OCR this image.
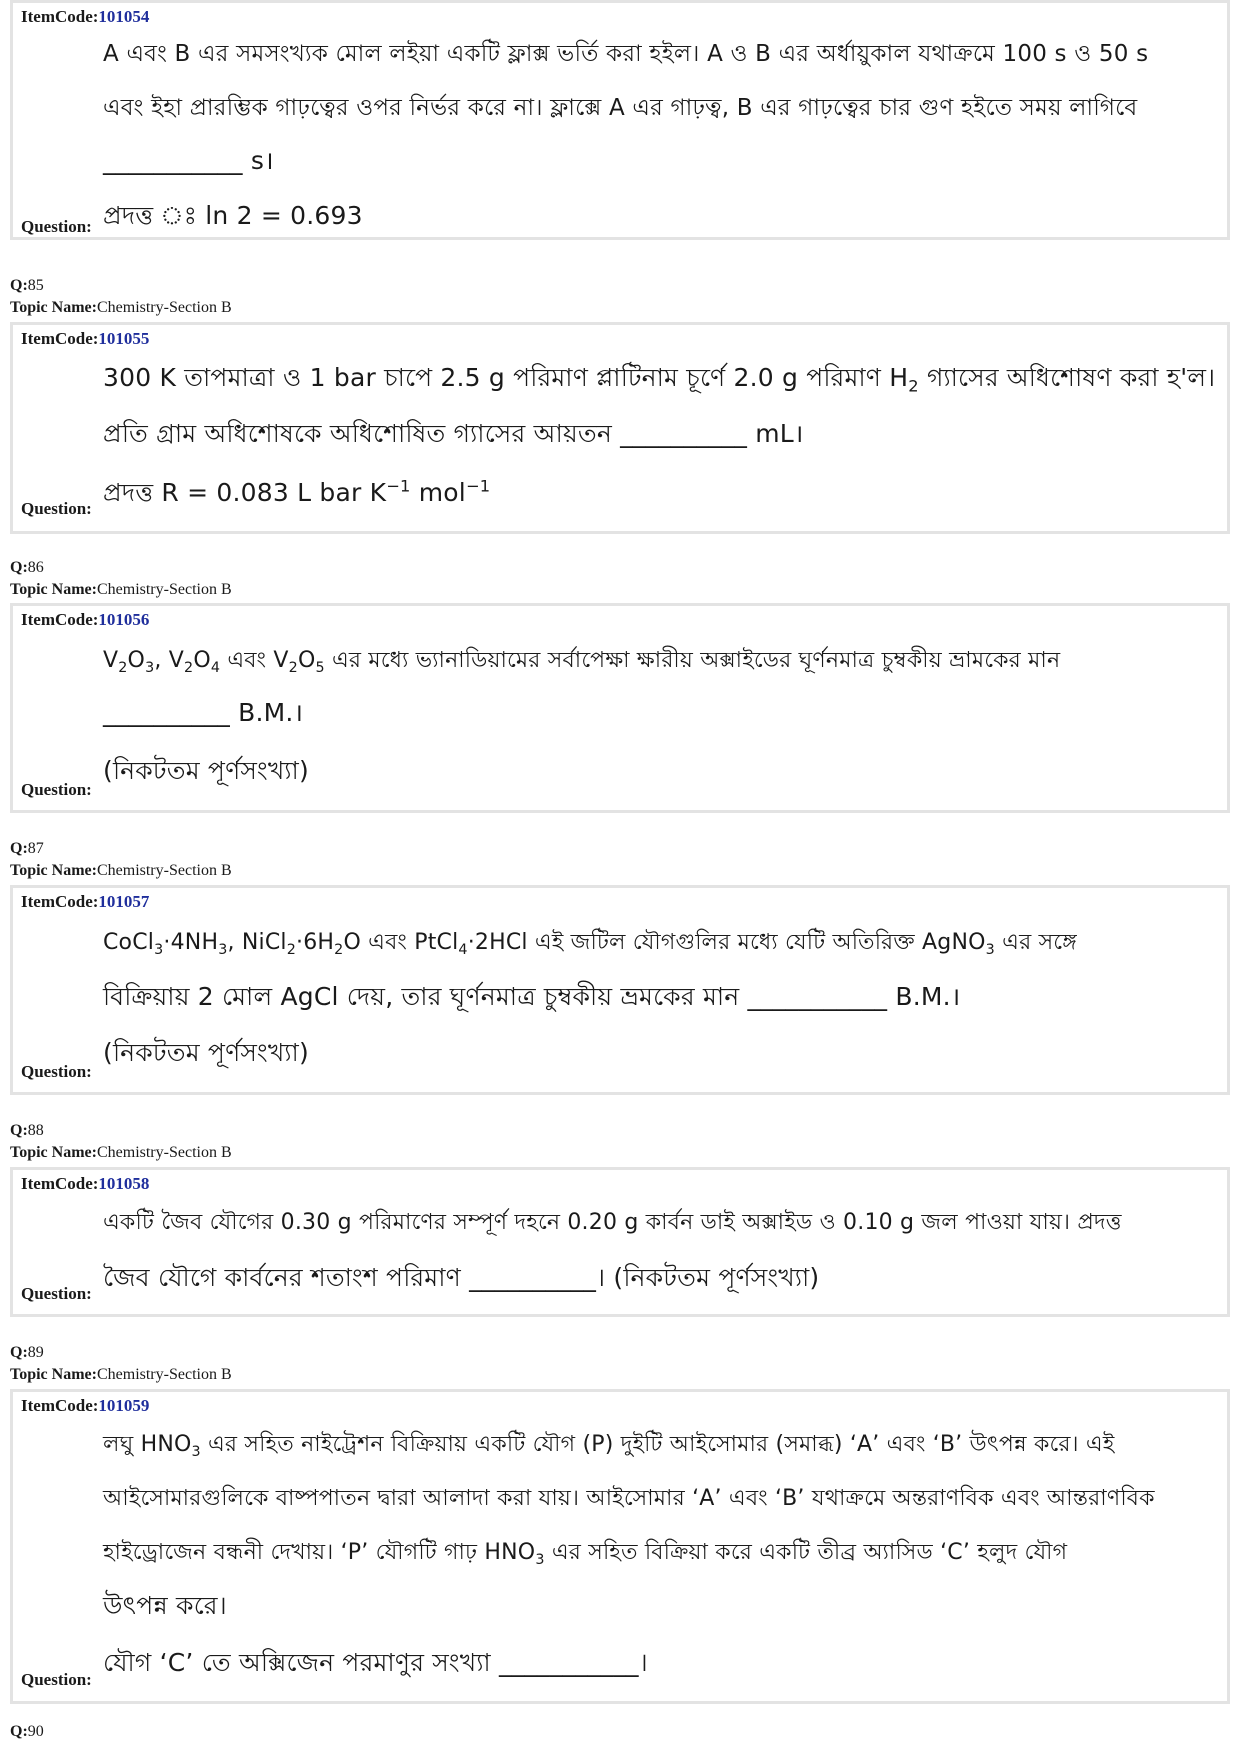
ItemCode:101054
A এবং B এর সমসংখ্যক মোল লইয়া একটি ফ্লাক্স ভর্তি করা হইল। A ও B এর অর্ধায়ুকাল যথাক্রমে 100 s ও 50 s
এবং ইহা প্রারম্ভিক গাঢ়ত্বের ওপর নির্ভর করে না। ফ্লাক্সে A এর গাঢ়ত্ব, B এর গাঢ়ত্বের চার গুণ হইতে সময় লাগিবে
___________ s।
Question: প্রদত্ত ঃ ln 2 = 0.693
Q:85
Topic Name:Chemistry-Section B
ItemCode:101055
300 K তাপমাত্রা ও 1 bar চাপে 2.5 g পরিমাণ প্লাটিনাম চূর্ণে 2.0 g পরিমাণ $H_2$ গ্যাসের অধিশোষণ করা হ'ল।
প্রতি গ্রাম অধিশোষকে অধিশোষিত গ্যাসের আয়তন __________ mL।
Question:
প্রদত্ত R = 0.083 L bar $K^{-1}$ mol$^{-1}$
Q:86
Topic Name:Chemistry-Section B
ItemCode:101056
$V_2O_3$, $V_2O_4$ এবং $V_2O_5$ এর মধ্যে ভ্যানাডিয়ামের সর্বাপেক্ষা ক্ষারীয় অক্সাইডের ঘূর্ণনমাত্র চুম্বকীয় ভ্রামকের মান
__________ B.M.।
Question:
(নিকটতম পূর্ণসংখ্যা)
Q:87
Topic Name:Chemistry-Section B
ItemCode:101057
$CoCl_3\cdot 4NH_3$, $NiCl_2\cdot 6H_2O$ এবং PtCl$_4$·2HCl এই জটিল যৌগগুলির মধ্যে যেটি অতিরিক্ত AgNO$_3$ এর সঙ্গে
বিক্রিয়ায় 2 মোল AgCl দেয়, তার ঘূর্ণনমাত্র চুম্বকীয় ভ্রমকের মান ___________ B.M.।
Question:
(নিকটতম পূর্ণসংখ্যা)
Q:88
Topic Name:Chemistry-Section B
ItemCode:101058
একটি জৈব যৌগের 0.30 g পরিমাণের সম্পূর্ণ দহনে 0.20 g কার্বন ডাই অক্সাইড ও 0.10 g জল পাওয়া যায়। প্রদত্ত
জৈব যৌগে কার্বনের শতাংশ পরিমাণ __________। (নিকটতম পূর্ণসংখ্যা)
Question:
Q:89
Topic Name:Chemistry-Section B
ItemCode:101059
লঘু $HNO_3$ এর সহিত নাইট্রেশন বিক্রিয়ায় একটি যৌগ (P) দুইটি আইসোমার (সমাব্ধ) ‘A’ এবং ‘B’ উৎপন্ন করে। এই
আইসোমারগুলিকে বাষ্পপাতন দ্বারা আলাদা করা যায়। আইসোমার ‘A’ এবং ‘B’ যথাক্রমে অন্তরাণবিক এবং আন্তরাণবিক
হাইড্রোজেন বন্ধনী দেখায়। ‘P’ যৌগটি গাঢ় $HNO_3$ এর সহিত বিক্রিয়া করে একটি তীব্র অ্যাসিড ‘C’ হলুদ যৌগ
উৎপন্ন করে।
Question:
যৌগ ‘C’ তে অক্সিজেন পরমাণুর সংখ্যা ___________।
Q:90
